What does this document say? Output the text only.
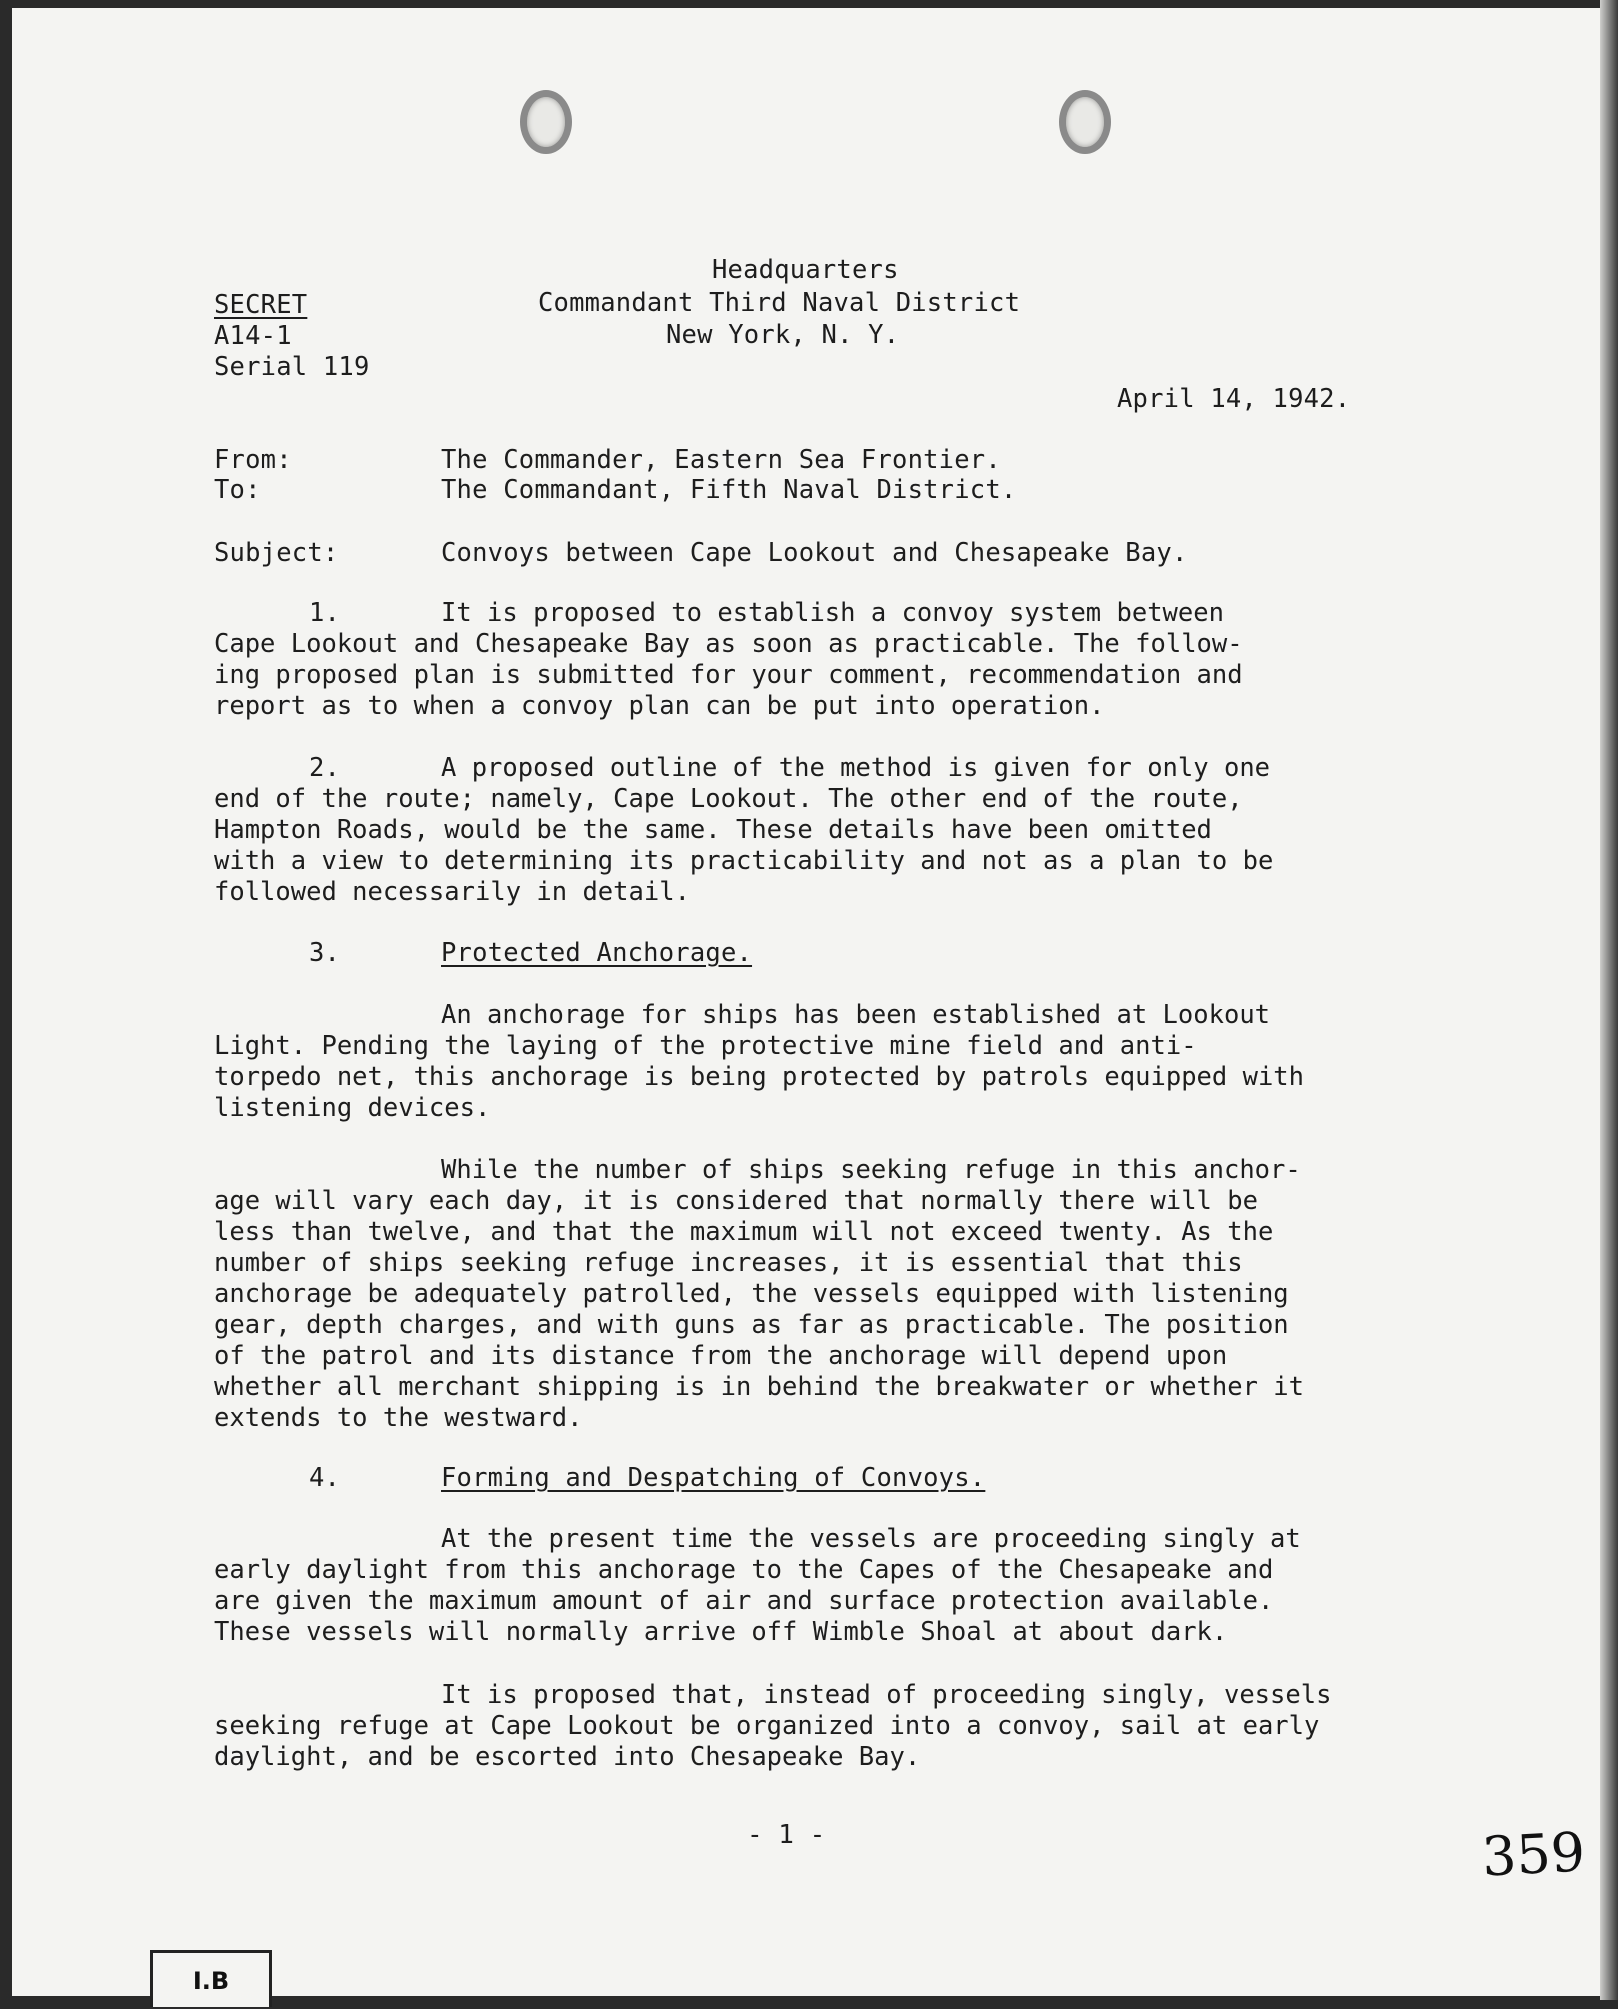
Headquarters
Commandant Third Naval District
New York, N. Y.
SECRET
A14-1
Serial 119
April 14, 1942.
From:	The Commander, Eastern Sea Frontier.
To:	The Commandant, Fifth Naval District.
Subject:	Convoys between Cape Lookout and Chesapeake Bay.
1.	It is proposed to establish a convoy system between
Cape Lookout and Chesapeake Bay as soon as practicable. The follow-
ing proposed plan is submitted for your comment, recommendation and
report as to when a convoy plan can be put into operation.
2.	A proposed outline of the method is given for only one
end of the route; namely, Cape Lookout. The other end of the route,
Hampton Roads, would be the same. These details have been omitted
with a view to determining its practicability and not as a plan to be
followed necessarily in detail.
3.	Protected Anchorage.
An anchorage for ships has been established at Lookout
Light. Pending the laying of the protective mine field and anti-
torpedo net, this anchorage is being protected by patrols equipped with
listening devices.
While the number of ships seeking refuge in this anchor-
age will vary each day, it is considered that normally there will be
less than twelve, and that the maximum will not exceed twenty. As the
number of ships seeking refuge increases, it is essential that this
anchorage be adequately patrolled, the vessels equipped with listening
gear, depth charges, and with guns as far as practicable. The position
of the patrol and its distance from the anchorage will depend upon
whether all merchant shipping is in behind the breakwater or whether it
extends to the westward.
4.	Forming and Despatching of Convoys.
At the present time the vessels are proceeding singly at
early daylight from this anchorage to the Capes of the Chesapeake and
are given the maximum amount of air and surface protection available.
These vessels will normally arrive off Wimble Shoal at about dark.
It is proposed that, instead of proceeding singly, vessels
seeking refuge at Cape Lookout be organized into a convoy, sail at early
daylight, and be escorted into Chesapeake Bay.
- 1 -	359
I.B
